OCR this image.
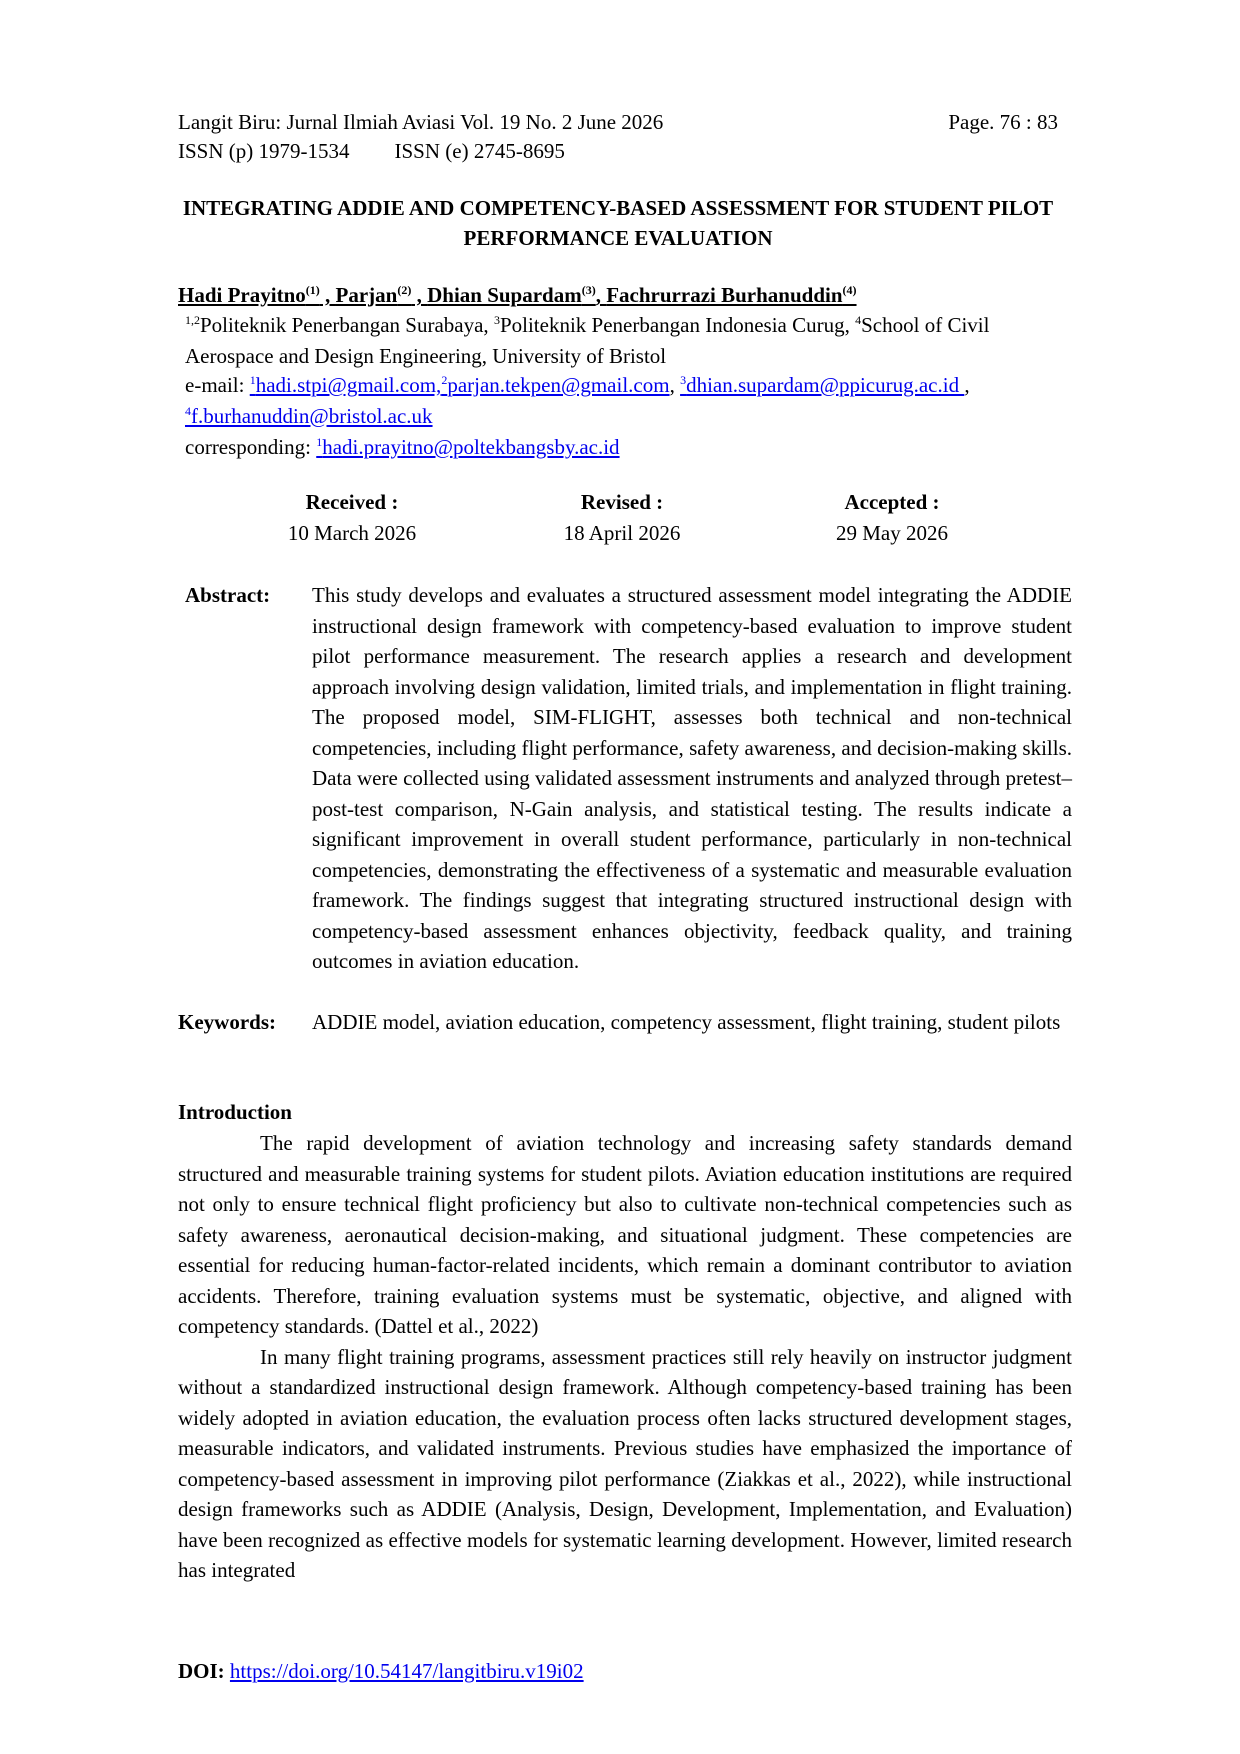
Langit Biru: Jurnal Ilmiah Aviasi Vol. 19 No. 2 June 2026	Page. 76 : 83
ISSN (p) 1979-1534 ISSN (e) 2745-8695
INTEGRATING ADDIE AND COMPETENCY-BASED ASSESSMENT FOR STUDENT PILOT PERFORMANCE EVALUATION
Hadi Prayitno$^{(1)}$ , Parjan$^{(2)}$ , Dhian Supardam$^{(3)}$, Fachrurrazi Burhanuddin$^{(4)}$
$^{1,2}$Politeknik Penerbangan Surabaya, $^3$Politeknik Penerbangan Indonesia Curug, $^4$School of Civil Aerospace and Design Engineering, University of Bristol
e-mail: $^1$hadi.stpi@gmail.com,$^2$parjan.tekpen@gmail.com, $^3$dhian.supardam@ppicurug.ac.id , $^4$f.burhanuddin@bristol.ac.uk
corresponding: $^1$hadi.prayitno@poltekbangsby.ac.id
Received :
10 March 2026
Revised :
18 April 2026
Accepted :
29 May 2026
Abstract: This study develops and evaluates a structured assessment model integrating the ADDIE instructional design framework with competency-based evaluation to improve student pilot performance measurement. The research applies a research and development approach involving design validation, limited trials, and implementation in flight training. The proposed model, SIM-FLIGHT, assesses both technical and non-technical competencies, including flight performance, safety awareness, and decision-making skills. Data were collected using validated assessment instruments and analyzed through pretest–post-test comparison, N-Gain analysis, and statistical testing. The results indicate a significant improvement in overall student performance, particularly in non-technical competencies, demonstrating the effectiveness of a systematic and measurable evaluation framework. The findings suggest that integrating structured instructional design with competency-based assessment enhances objectivity, feedback quality, and training outcomes in aviation education.
Keywords: ADDIE model, aviation education, competency assessment, flight training, student pilots
Introduction

The rapid development of aviation technology and increasing safety standards demand structured and measurable training systems for student pilots. Aviation education institutions are required not only to ensure technical flight proficiency but also to cultivate non-technical competencies such as safety awareness, aeronautical decision-making, and situational judgment. These competencies are essential for reducing human-factor-related incidents, which remain a dominant contributor to aviation accidents. Therefore, training evaluation systems must be systematic, objective, and aligned with competency standards. (Dattel et al., 2022)

In many flight training programs, assessment practices still rely heavily on instructor judgment without a standardized instructional design framework. Although competency-based training has been widely adopted in aviation education, the evaluation process often lacks structured development stages, measurable indicators, and validated instruments. Previous studies have emphasized the importance of competency-based assessment in improving pilot performance (Ziakkas et al., 2022), while instructional design frameworks such as ADDIE (Analysis, Design, Development, Implementation, and Evaluation) have been recognized as effective models for systematic learning development. However, limited research has integrated

DOI: https://doi.org/10.54147/langitbiru.v19i02
